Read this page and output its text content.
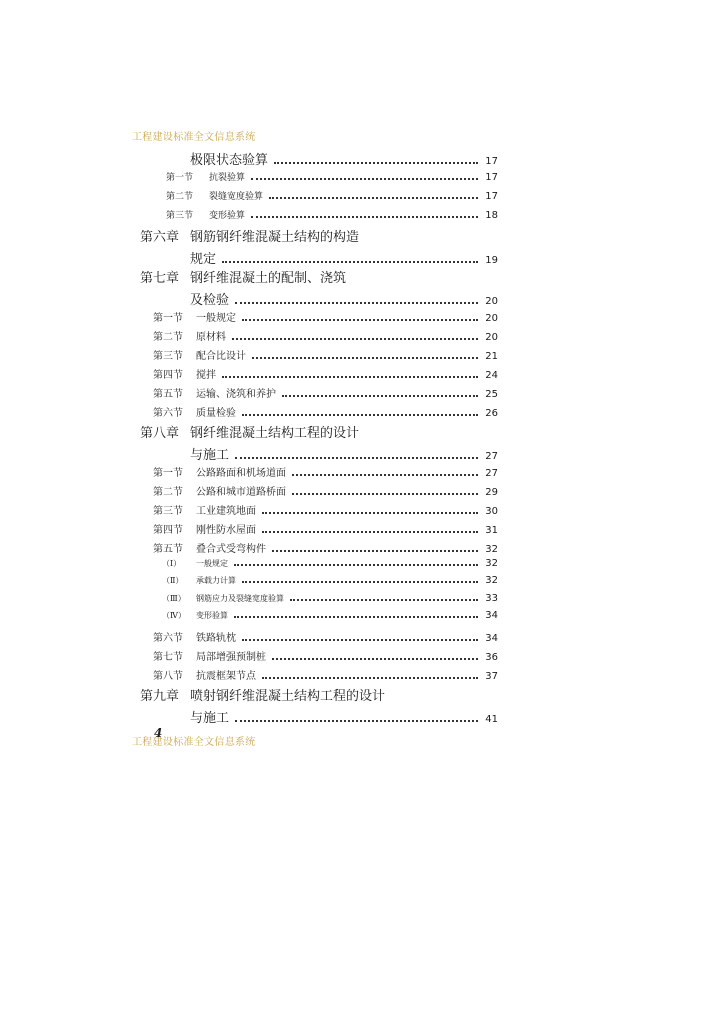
工程建设标准全文信息系统
极限状态验算	17
第一节	抗裂验算	17
第二节	裂缝宽度验算	17
第三节	变形验算	18
第六章 钢筋钢纤维混凝土结构的构造
规定	19
第七章 钢纤维混凝土的配制、浇筑
及检验	20
第一节	一般规定	20
第二节	原材料	20
第三节	配合比设计	21
第四节	搅拌	24
第五节	运输、浇筑和养护	25
第六节	质量检验	26
第八章 钢纤维混凝土结构工程的设计
与施工	27
第一节	公路路面和机场道面	27
第二节	公路和城市道路桥面	29
第三节	工业建筑地面	30
第四节	刚性防水屋面	31
第五节	叠合式受弯构件	32
（Ⅰ）	一般规定	32
（Ⅱ）	承载力计算	32
（Ⅲ）	钢筋应力及裂缝宽度验算	33
（Ⅳ）	变形验算	34
第六节	铁路轨枕	34
第七节	局部增强预制桩	36
第八节	抗震框架节点	37
第九章 喷射钢纤维混凝土结构工程的设计
与施工	41
工程建设标准全文信息系统
4
